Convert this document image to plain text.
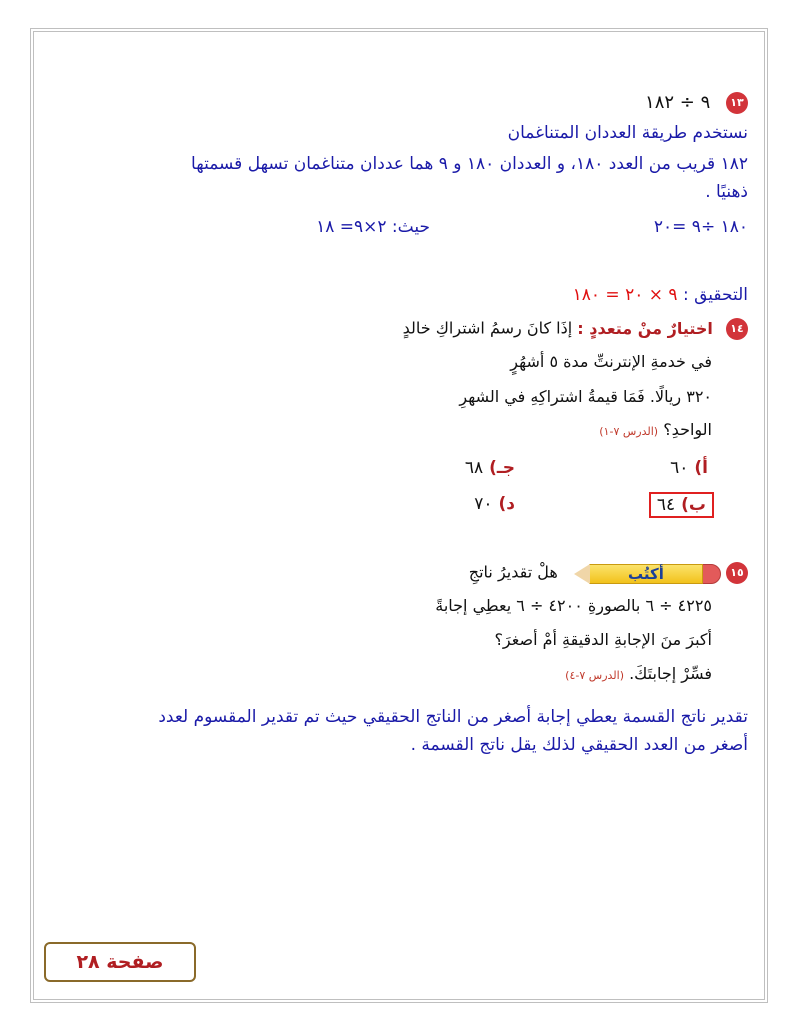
١٣ ٩ ÷ ١٨٢
نستخدم طريقة العددان المتناغمان
١٨٢ قريب من العدد ١٨٠، و العددان ١٨٠ و ٩ هما عددان متناغمان تسهل قسمتها
ذهنيًا .
١٨٠ ÷٩ =٢٠
حيث: ٢×٩= ١٨
التحقيق : ٩ × ٢٠ = ١٨٠
١٤ اختيارٌ منْ متعددٍ : إذَا كانَ رسمُ اشتراكِ خالدٍ
في خدمةِ الإنترنتِّ مدة ٥ أشهُرٍ
٣٢٠ ريالًا. فَمَا قيمةُ اشتراكِهِ في الشهرِ
الواحدِ؟ (الدرس ٧-١)
أ)٦٠
جـ)٦٨
ب)٦٤
د)٧٠
١٥
أكتُب
هلْ تقديرُ ناتجِ
٤٢٢٥ ÷ ٦ بالصورةِ ٤٢٠٠ ÷ ٦ يعطِي إجابةً
أكبرَ منَ الإجابةِ الدقيقةِ أمْ أصغرَ؟
فسِّرْ إجابتَكَ. (الدرس ٧-٤)
تقدير ناتج القسمة يعطي إجابة أصغر من الناتج الحقيقي حيث تم تقدير المقسوم لعدد
أصغر من العدد الحقيقي لذلك يقل ناتج القسمة .
صفحة ٢٨
